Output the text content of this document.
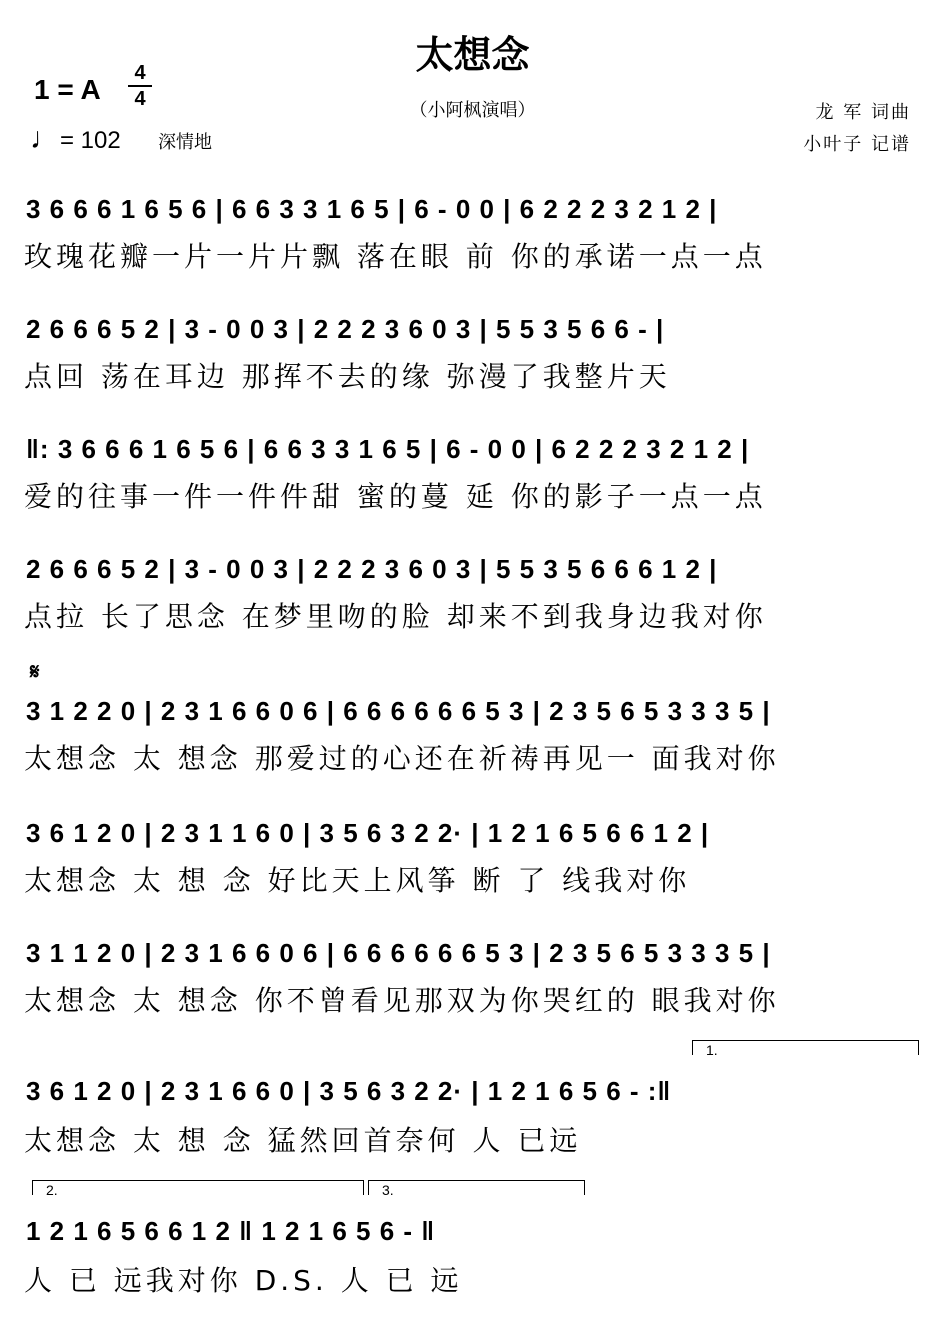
太想念
（小阿枫演唱）
1 = A
4
4
♩= 102 深情地
龙 军 词曲
小叶子 记谱
3 6 6 6 1 6 5 6 | 6 6 3 3 1 6 5 | 6 - 0 0 | 6 2 2 2 3 2 1 2 |
玫瑰花瓣一片一片片飘 落在眼 前 你的承诺一点一点
2 6 6 6 5 2 | 3 - 0 0 3 | 2 2 2 3 6 0 3 | 5 5 3 5 6 6 - |
点回 荡在耳边 那挥不去的缘 弥漫了我整片天
‖: 3 6 6 6 1 6 5 6 | 6 6 3 3 1 6 5 | 6 - 0 0 | 6 2 2 2 3 2 1 2 |
爱的往事一件一件件甜 蜜的蔓 延 你的影子一点一点
2 6 6 6 5 2 | 3 - 0 0 3 | 2 2 2 3 6 0 3 | 5 5 3 5 6 6 6 1 2 |
点拉 长了思念 在梦里吻的脸 却来不到我身边我对你
𝄋
3 1 2 2 0 | 2 3 1 6 6 0 6 | 6 6 6 6 6 6 5 3 | 2 3 5 6 5 3 3 3 5 |
太想念 太 想念 那爱过的心还在祈祷再见一 面我对你
3 6 1 2 0 | 2 3 1 1 6 0 | 3 5 6 3 2 2· | 1 2 1 6 5 6 6 1 2 |
太想念 太 想 念 好比天上风筝 断 了 线我对你
3 1 1 2 0 | 2 3 1 6 6 0 6 | 6 6 6 6 6 6 5 3 | 2 3 5 6 5 3 3 3 5 |
太想念 太 想念 你不曾看见那双为你哭红的 眼我对你
1.
3 6 1 2 0 | 2 3 1 6 6 0 | 3 5 6 3 2 2· | 1 2 1 6 5 6 - :‖
太想念 太 想 念 猛然回首奈何 人 已远
2.	3.
1 2 1 6 5 6 6 1 2 ‖ 1 2 1 6 5 6 - ‖
人 已 远我对你 D.S. 人 已 远
